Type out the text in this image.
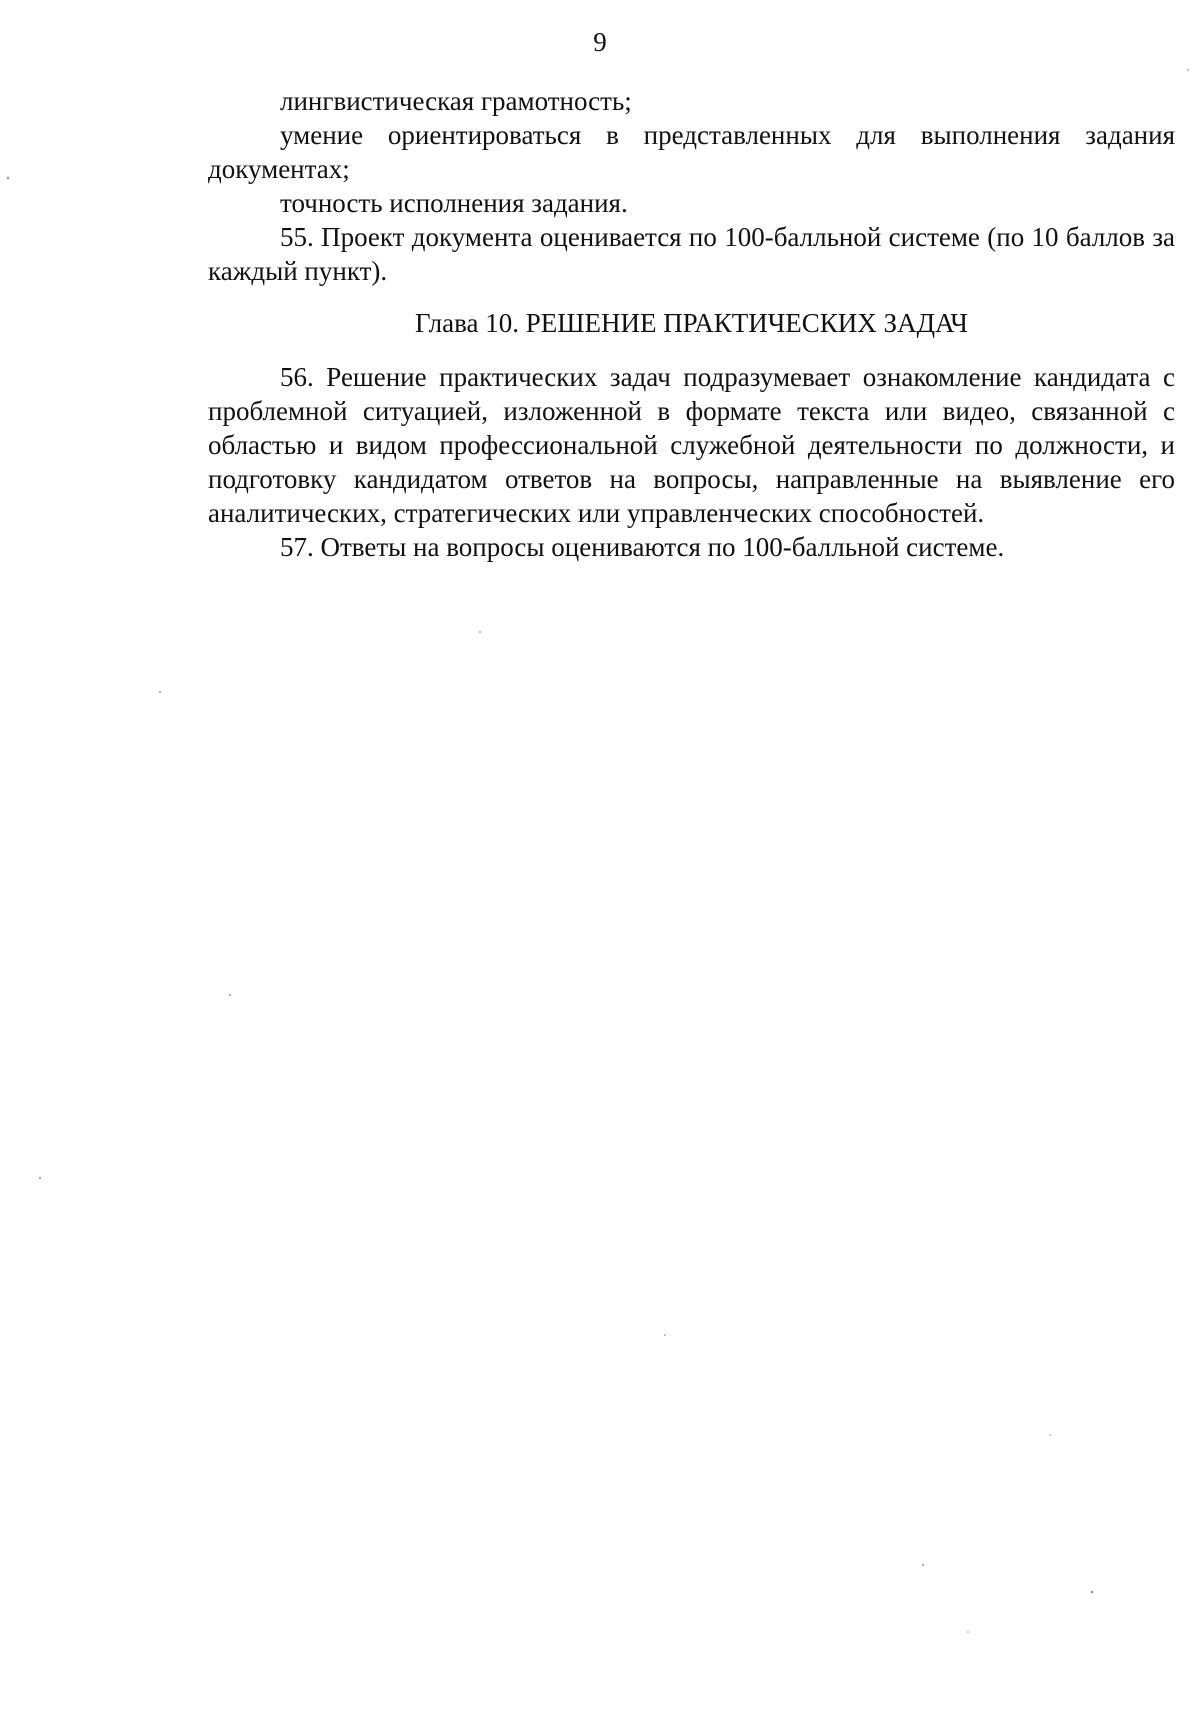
9

лингвистическая грамотность;

умение ориентироваться в представленных для выполнения задания документах;

точность исполнения задания.

55. Проект документа оценивается по 100-балльной системе (по 10 баллов за каждый пункт).

Глава 10. РЕШЕНИЕ ПРАКТИЧЕСКИХ ЗАДАЧ

56. Решение практических задач подразумевает ознакомление кандидата с проблемной ситуацией, изложенной в формате текста или видео, связанной с областью и видом профессиональной служебной деятельности по должности, и подготовку кандидатом ответов на вопросы, направленные на выявление его аналитических, стратегических или управленческих способностей.

57. Ответы на вопросы оцениваются по 100-балльной системе.
